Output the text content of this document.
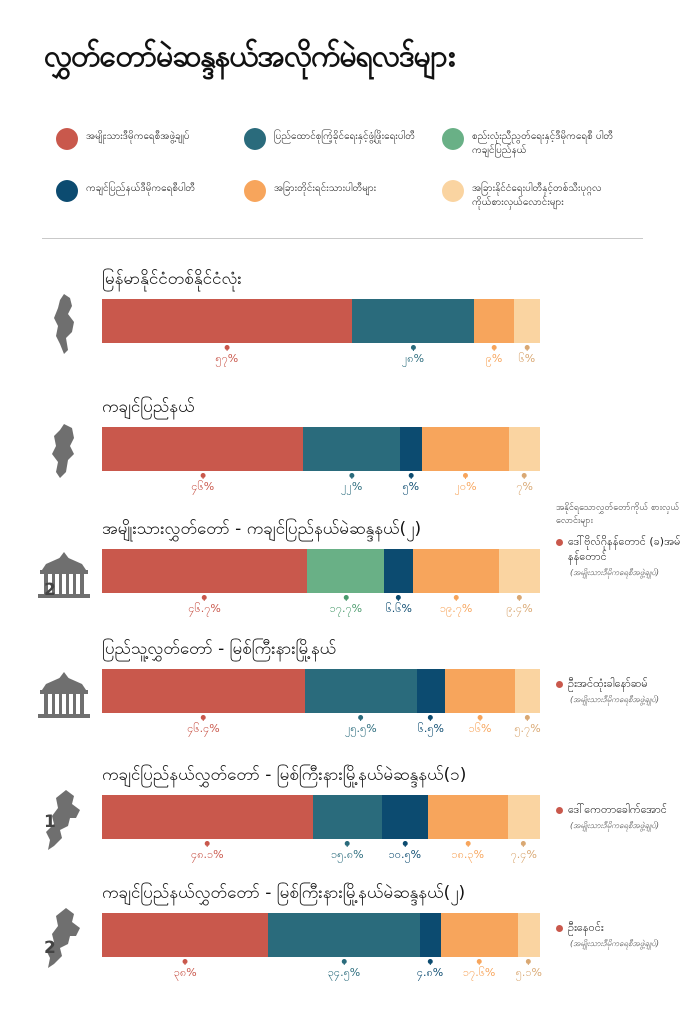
လွှတ်တော်မဲဆန္ဒနယ်အလိုက်မဲရလဒ်များ
အမျိုးသားဒီမိုကရေစီအဖွဲ့ချုပ်	ပြည်ထောင်စုကြံ့ခိုင်ရေးနှင့်ဖွံ့ဖြိုးရေးပါတီ	စည်းလုံးညီညွတ်ရေးနှင့်ဒီမိုကရေစီ ပါတီ ကချင်ပြည်နယ်
ကချင်ပြည်နယ်ဒီမိုကရေစီပါတီ	အခြားတိုင်းရင်းသားပါတီများ	အခြားနိုင်ငံရေးပါတီနှင့်တစ်သီးပုဂ္ဂလ ကိုယ်စားလှယ်လောင်းများ
မြန်မာနိုင်ငံတစ်နိုင်ငံလုံး
၅၇%	၂၈%	၉% ၆%
ကချင်ပြည်နယ်
၄၆%	၂၂%	၅%	၂၀%	၇%
အမျိုးသားလွှတ်တော် - ကချင်ပြည်နယ်မဲဆန္ဒနယ်(၂)
2
၄၆.၇%	၁၇.၇% ၆.၆%	၁၉.၇%	၉.၄%
အနိုင်ရသောလွှတ်တော်ကိုယ် စားလှယ်လောင်းများ
ဒေါ်ဗိုလ်ဂိုနန်တောင် (ခ)အမ်နန်တောင်
(အမျိုးသားဒီမိုကရေစီအဖွဲ့ချုပ်)
ပြည်သူ့လွှတ်တော် - မြစ်ကြီးနားမြို့နယ်
၄၆.၄%	၂၅.၅%	၆.၅% ၁၆% ၅.၇%
ဦးအင်ထုံးခါနော်ဆမ်
(အမျိုးသားဒီမိုကရေစီအဖွဲ့ချုပ်)
ကချင်ပြည်နယ်လွှတ်တော် - မြစ်ကြီးနားမြို့နယ်မဲဆန္ဒနယ်(၁)
1
၄၈.၁%	၁၅.၈% ၁၀.၅%	၁၈.၃% ၇.၄%
ဒေါ်ကေတာခေါက်အောင်
(အမျိုးသားဒီမိုကရေစီအဖွဲ့ချုပ်)
ကချင်ပြည်နယ်လွှတ်တော် - မြစ်ကြီးနားမြို့နယ်မဲဆန္ဒနယ်(၂)
2
၃၈%	၃၄.၅%	၄.၈% ၁၇.၆% ၅.၁%
ဦးနေဝင်း
(အမျိုးသားဒီမိုကရေစီအဖွဲ့ချုပ်)
